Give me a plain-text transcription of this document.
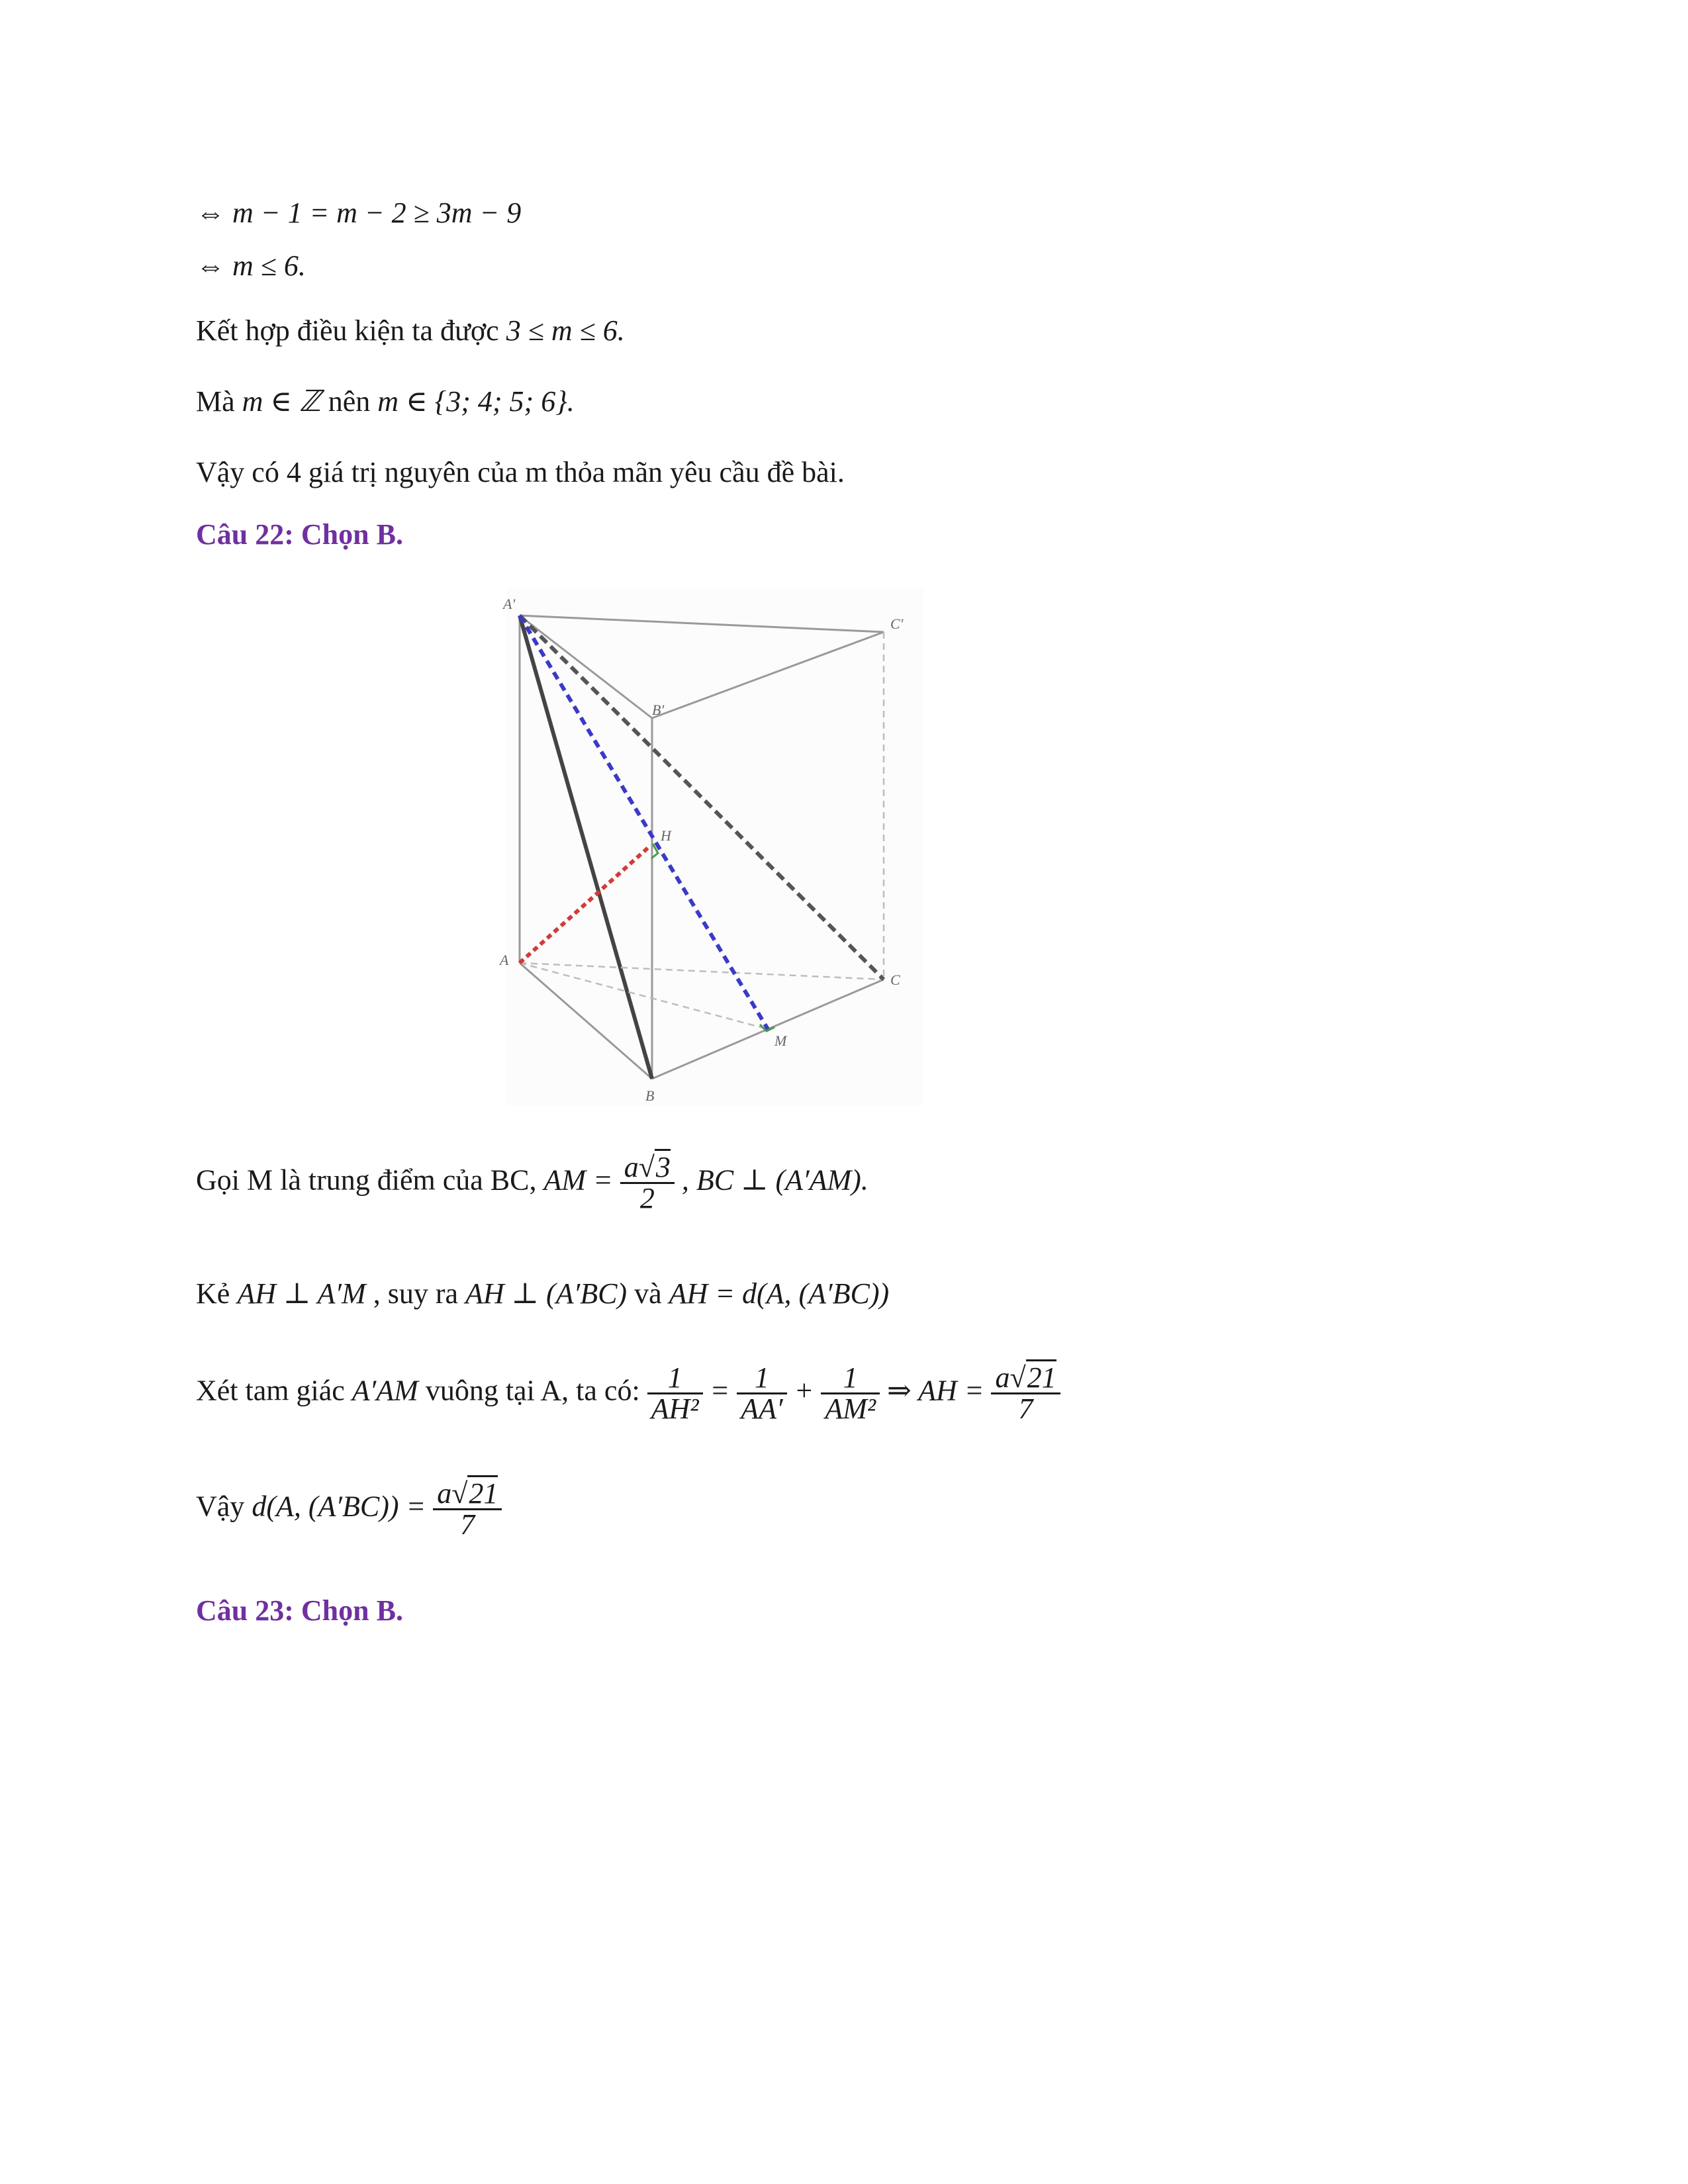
⇔ m − 1 = m − 2 ≥ 3m − 9
⇔ m ≤ 6.
Kết hợp điều kiện ta được 3 ≤ m ≤ 6.
Mà m ∈ ℤ nên m ∈ {3; 4; 5; 6}.
Vậy có 4 giá trị nguyên của m thỏa mãn yêu cầu đề bài.
Câu 22: Chọn B.
A'
C'
B'
H
A
C
M
B
Gọi M là trung điểm của BC, AM = $\frac{a√3}{2}$ , BC ⊥ (A′AM).
Kẻ AH ⊥ A′M , suy ra AH ⊥ (A′BC) và AH = d(A, (A′BC))
Xét tam giác A′AM vuông tại A, ta có: $\frac{1}{\text{AH²}} = \frac{1}{AA'} + \frac{1}{\text{AM²}}$ ⇒ AH = $\frac{a√21}{7}$
Vậy d(A, $(A'BC)) = \frac{a√21}{7}$
Câu 23: Chọn B.
